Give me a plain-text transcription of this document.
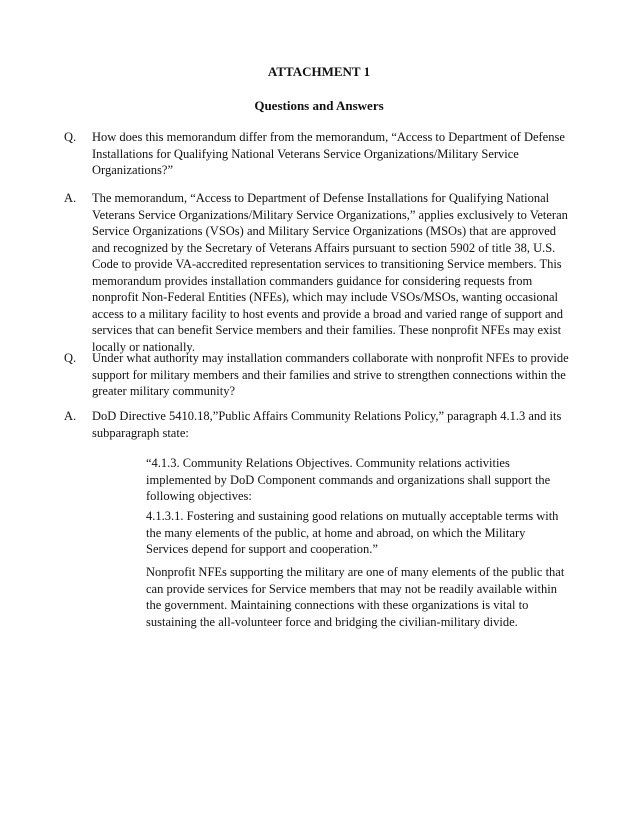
ATTACHMENT 1
Questions and Answers
Q. How does this memorandum differ from the memorandum, “Access to Department of Defense Installations for Qualifying National Veterans Service Organizations/Military Service Organizations?”
A. The memorandum, “Access to Department of Defense Installations for Qualifying National Veterans Service Organizations/Military Service Organizations,” applies exclusively to Veteran Service Organizations (VSOs) and Military Service Organizations (MSOs) that are approved and recognized by the Secretary of Veterans Affairs pursuant to section 5902 of title 38, U.S. Code to provide VA-accredited representation services to transitioning Service members. This memorandum provides installation commanders guidance for considering requests from nonprofit Non-Federal Entities (NFEs), which may include VSOs/MSOs, wanting occasional access to a military facility to host events and provide a broad and varied range of support and services that can benefit Service members and their families. These nonprofit NFEs may exist locally or nationally.
Q. Under what authority may installation commanders collaborate with nonprofit NFEs to provide support for military members and their families and strive to strengthen connections within the greater military community?
A. DoD Directive 5410.18,”Public Affairs Community Relations Policy,” paragraph 4.1.3 and its subparagraph state:
“4.1.3. Community Relations Objectives. Community relations activities implemented by DoD Component commands and organizations shall support the following objectives:
4.1.3.1. Fostering and sustaining good relations on mutually acceptable terms with the many elements of the public, at home and abroad, on which the Military Services depend for support and cooperation.”
Nonprofit NFEs supporting the military are one of many elements of the public that can provide services for Service members that may not be readily available within the government. Maintaining connections with these organizations is vital to sustaining the all-volunteer force and bridging the civilian-military divide.
